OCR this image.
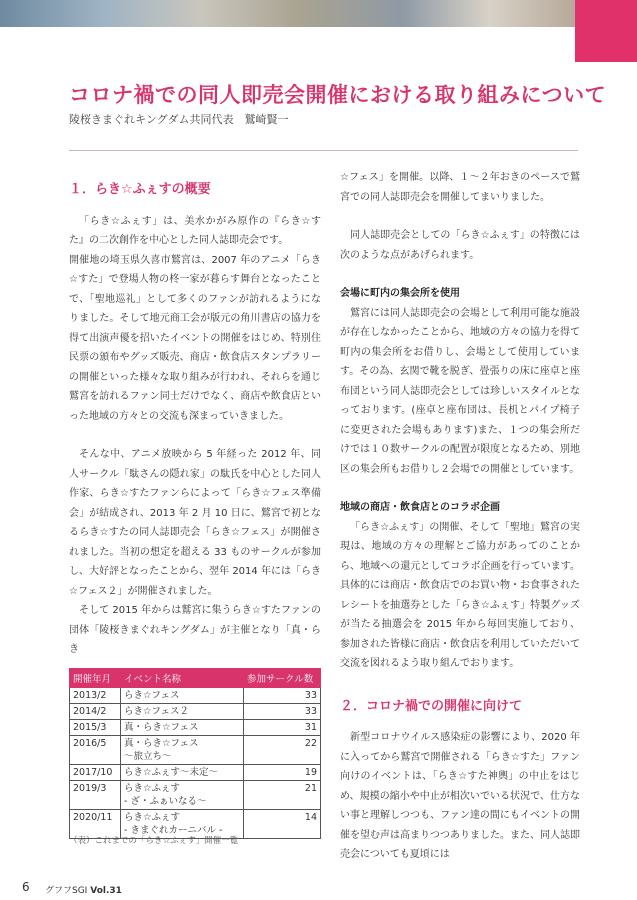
コロナ禍での同人即売会開催における取り組みについて
陵桜きまぐれキングダム共同代表　鷲崎賢一

１．らき☆ふぇすの概要

「らき☆ふぇす」は、美水かがみ原作の『らき☆すた』の二次創作を中心とした同人誌即売会です。

開催地の埼玉県久喜市鷲宮は、2007 年のアニメ「らき☆すた」で登場人物の柊一家が暮らす舞台となったことで、「聖地巡礼」として多くのファンが訪れるようになりました。そして地元商工会が版元の角川書店の協力を得て出演声優を招いたイベントの開催をはじめ、特別住民票の頒布やグッズ販売、商店・飲食店スタンプラリーの開催といった様々な取り組みが行われ、それらを通じ鷲宮を訪れるファン同士だけでなく、商店や飲食店といった地域の方々との交流も深まっていきました。

そんな中、アニメ放映から 5 年経った 2012 年、同人サークル「駄さんの隠れ家」の駄氏を中心とした同人作家、らき☆すたファンらによって「らき☆フェス準備会」が結成され、2013 年 2 月 10 日に、鷲宮で初となるらき☆すたの同人誌即売会「らき☆フェス」が開催されました。当初の想定を超える 33 ものサークルが参加し、大好評となったことから、翌年 2014 年には「らき☆フェス２」が開催されました。

そして 2015 年からは鷲宮に集うらき☆すたファンの団体「陵桜きまぐれキングダム」が主催となり「真・らき

☆フェス」を開催。以降、１～２年おきのペースで鷲宮での同人誌即売会を開催してまいりました。

同人誌即売会としての「らき☆ふぇす」の特徴には次のような点があげられます。

会場に町内の集会所を使用

鷲宮には同人誌即売会の会場として利用可能な施設が存在しなかったことから、地域の方々の協力を得て町内の集会所をお借りし、会場として使用しています。その為、玄関で靴を脱ぎ、畳張りの床に座卓と座布団という同人誌即売会としては珍しいスタイルとなっております。(座卓と座布団は、長机とパイプ椅子に変更された会場もあります)また、１つの集会所だけでは１０数サークルの配置が限度となるため、別地区の集会所もお借りし２会場での開催としています。

地域の商店・飲食店とのコラボ企画

「らき☆ふぇす」の開催、そして「聖地」鷲宮の実現は、地域の方々の理解とご協力があってのことから、地域への還元としてコラボ企画を行っています。具体的には商店・飲食店でのお買い物・お食事されたレシートを抽選券とした「らき☆ふぇす」特製グッズが当たる抽選会を 2015 年から毎回実施しており、参加された皆様に商店・飲食店を利用していただいて交流を図れるよう取り組んでおります。

２．コロナ禍での開催に向けて

新型コロナウイルス感染症の影響により、2020 年に入ってから鷲宮で開催される「らき☆すた」ファン向けのイベントは、「らき☆すた神輿」の中止をはじめ、規模の縮小や中止が相次いでいる状況で、仕方ない事と理解しつつも、ファン達の間にもイベントの開催を望む声は高まりつつありました。また、同人誌即売会についても夏頃には

開催年月	イベント名称	参加サークル数
2013/2	らき☆フェス	33
2014/2	らき☆フェス２	33
2015/3	真・らき☆フェス	31
2016/5	真・らき☆フェス
～旅立ち～	22
2017/10	らき☆ふぇす～未定～	19
2019/3	らき☆ふぇす
- ざ・ふぁいなる～	21
2020/11	らき☆ふぇす
- きまぐれカーニバル -	14
（表）これまでの「らき☆ふぇす」開催一覧
6 グフフSGI Vol.31
